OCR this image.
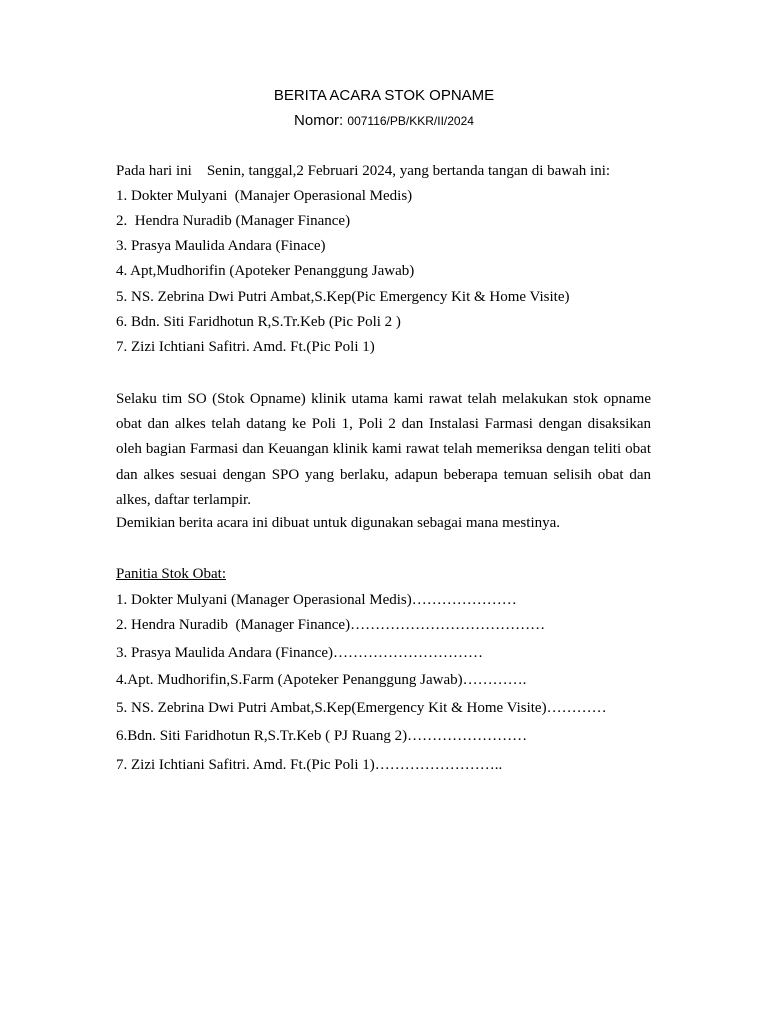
BERITA ACARA STOK OPNAME
Nomor: 007116/PB/KKR/II/2024
Pada hari ini    Senin, tanggal,2 Februari 2024, yang bertanda tangan di bawah ini:
1. Dokter Mulyani  (Manajer Operasional Medis)
2.  Hendra Nuradib (Manager Finance)
3. Prasya Maulida Andara (Finace)
4. Apt,Mudhorifin (Apoteker Penanggung Jawab)
5. NS. Zebrina Dwi Putri Ambat,S.Kep(Pic Emergency Kit & Home Visite)
6. Bdn. Siti Faridhotun R,S.Tr.Keb (Pic Poli 2 )
7. Zizi Ichtiani Safitri. Amd. Ft.(Pic Poli 1)
Selaku tim SO (Stok Opname) klinik utama kami rawat telah melakukan stok opname obat dan alkes telah datang ke Poli 1, Poli 2 dan Instalasi Farmasi dengan disaksikan oleh bagian Farmasi dan Keuangan klinik kami rawat telah memeriksa dengan teliti obat dan alkes sesuai dengan SPO yang berlaku, adapun beberapa temuan selisih obat dan alkes, daftar terlampir.
Demikian berita acara ini dibuat untuk digunakan sebagai mana mestinya.
Panitia Stok Obat:
1. Dokter Mulyani (Manager Operasional Medis)…………………
2. Hendra Nuradib  (Manager Finance)…………………………………
3. Prasya Maulida Andara (Finance)…………………………
4.Apt. Mudhorifin,S.Farm (Apoteker Penanggung Jawab)………….
5. NS. Zebrina Dwi Putri Ambat,S.Kep(Emergency Kit & Home Visite)…………
6.Bdn. Siti Faridhotun R,S.Tr.Keb ( PJ Ruang 2)……………………
7. Zizi Ichtiani Safitri. Amd. Ft.(Pic Poli 1)……………………..
